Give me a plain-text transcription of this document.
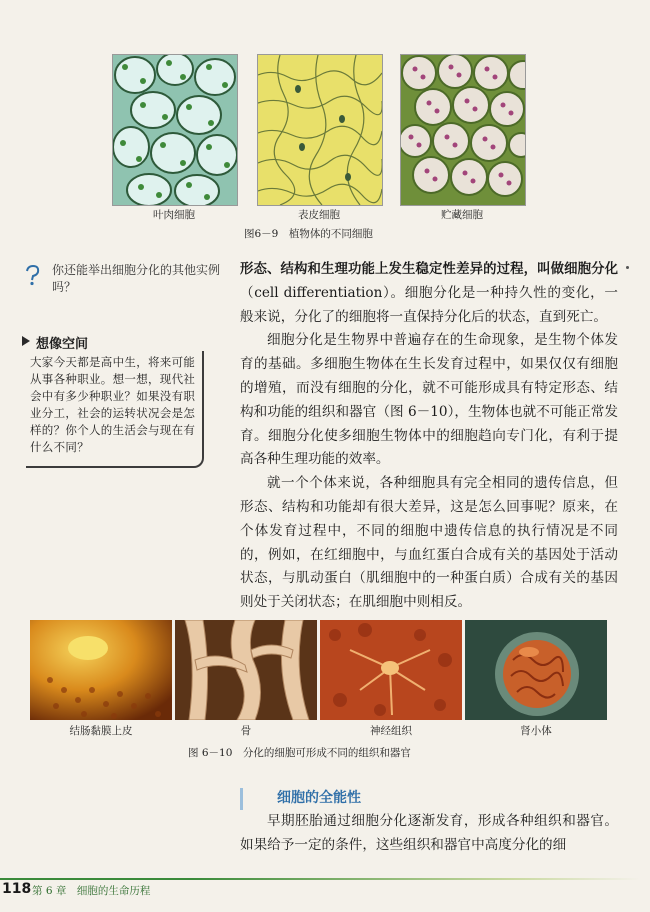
叶肉细胞	表皮细胞	贮藏细胞
图6－9　植物体的不同细胞
你还能举出细胞分化的其他实例吗？
想像空间
大家今天都是高中生，将来可能从事各种职业。想一想，现代社会中有多少种职业？如果没有职业分工，社会的运转状况会是怎样的？你个人的生活会与现在有什么不同？
形态、结构和生理功能上发生稳定性差异的过程，叫做细胞分化（cell differentiation）。细胞分化是一种持久性的变化，一般来说，分化了的细胞将一直保持分化后的状态，直到死亡。
细胞分化是生物界中普遍存在的生命现象，是生物个体发育的基础。多细胞生物体在生长发育过程中，如果仅仅有细胞的增殖，而没有细胞的分化，就不可能形成具有特定形态、结构和功能的组织和器官（图 6－10），生物体也就不可能正常发育。细胞分化使多细胞生物体中的细胞趋向专门化，有利于提高各种生理功能的效率。
就一个个体来说，各种细胞具有完全相同的遗传信息，但形态、结构和功能却有很大差异，这是怎么回事呢？原来，在个体发育过程中，不同的细胞中遗传信息的执行情况是不同的，例如，在红细胞中，与血红蛋白合成有关的基因处于活动状态，与肌动蛋白（肌细胞中的一种蛋白质）合成有关的基因则处于关闭状态；在肌细胞中则相反。
结肠黏膜上皮	骨	神经组织	肾小体
图 6－10　分化的细胞可形成不同的组织和器官
细胞的全能性
早期胚胎通过细胞分化逐渐发育，形成各种组织和器官。如果给予一定的条件，这些组织和器官中高度分化的细
118 第 6 章　细胞的生命历程
